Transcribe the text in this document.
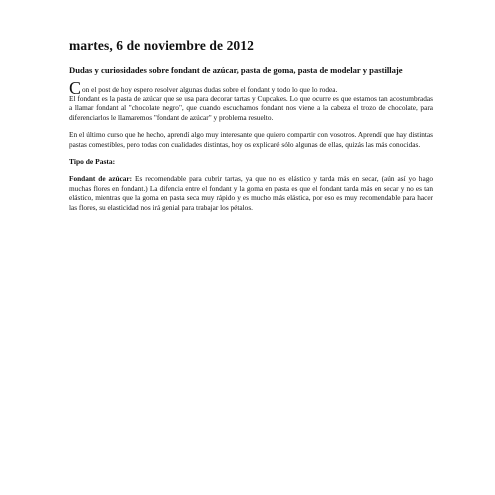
martes, 6 de noviembre de 2012
Dudas y curiosidades sobre fondant de azúcar, pasta de goma, pasta de modelar y pastillaje

Con el post de hoy espero resolver algunas dudas sobre el fondant y todo lo que lo rodea.
El fondant es la pasta de azúcar que se usa para decorar tartas y Cupcakes. Lo que ocurre es que estamos tan acostumbradas a llamar fondant al "chocolate negro", que cuando escuchamos fondant nos viene a la cabeza el trozo de chocolate, para diferenciarlos le llamaremos "fondant de azúcar" y problema resuelto.

En el último curso que he hecho, aprendí algo muy interesante que quiero compartir con vosotros. Aprendí que hay distintas pastas comestibles, pero todas con cualidades distintas, hoy os explicaré sólo algunas de ellas, quizás las más conocidas.

Tipo de Pasta:

Fondant de azúcar: Es recomendable para cubrir tartas, ya que no es elástico y tarda más en secar, (aún así yo hago muchas flores en fondant.) La difencia entre el fondant y la goma en pasta es que el fondant tarda más en secar y no es tan elástico, mientras que la goma en pasta seca muy rápido y es mucho más elástica, por eso es muy recomendable para hacer las flores, su elasticidad nos irá genial para trabajar los pétalos.
